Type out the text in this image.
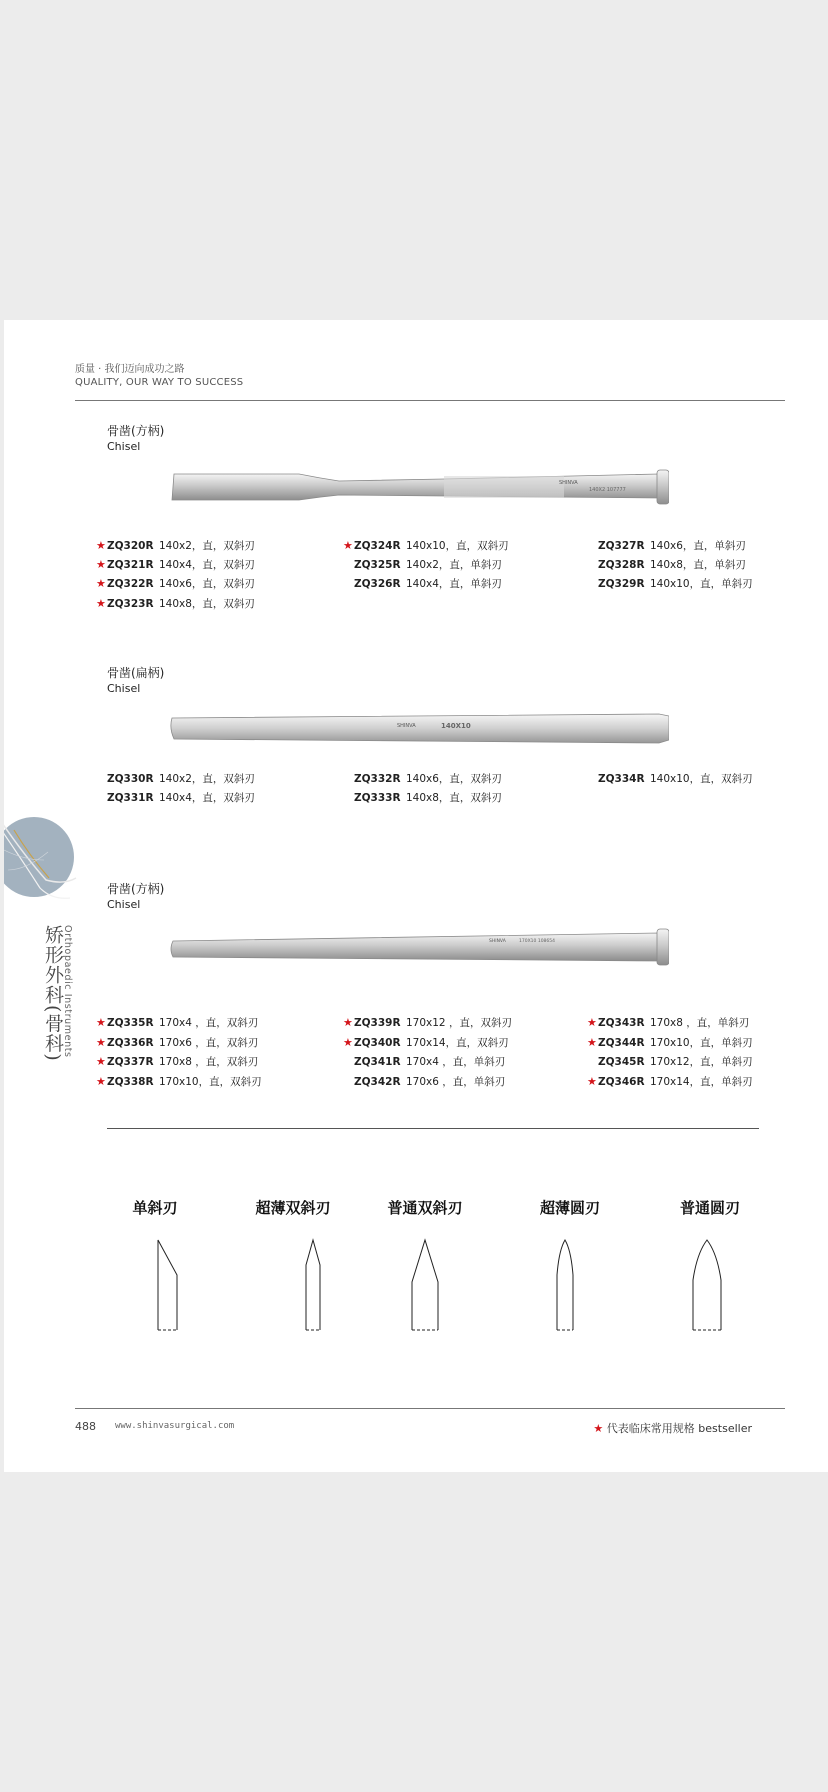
质量 · 我们迈向成功之路
QUALITY, OUR WAY TO SUCCESS
骨凿(方柄)
Chisel
SHINVA
140X2 107777
★ ZQ320R 140x2，直，双斜刃
★ ZQ321R 140x4，直，双斜刃
★ ZQ322R 140x6，直，双斜刃
★ ZQ323R 140x8，直，双斜刃
★ ZQ324R 140x10，直，双斜刃
ZQ325R 140x2，直，单斜刃
ZQ326R 140x4，直，单斜刃
ZQ327R 140x6，直，单斜刃
ZQ328R 140x8，直，单斜刃
ZQ329R 140x10，直，单斜刃
骨凿(扁柄)
Chisel
SHINVA	140X10
ZQ330R 140x2，直，双斜刃
ZQ331R 140x4，直，双斜刃
ZQ332R 140x6，直，双斜刃
ZQ333R 140x8，直，双斜刃
ZQ334R 140x10，直，双斜刃
骨凿(方柄)
Chisel
SHINVA	170X10 108654
★ ZQ335R 170x4 ，直，双斜刃
★ ZQ336R 170x6 ，直，双斜刃
★ ZQ337R 170x8 ，直，双斜刃
★ ZQ338R 170x10，直，双斜刃
★ ZQ339R 170x12 ，直，双斜刃
★ ZQ340R 170x14，直，双斜刃
ZQ341R 170x4 ，直，单斜刃
ZQ342R 170x6 ，直，单斜刃
★ ZQ343R 170x8 ，直，单斜刃
★ ZQ344R 170x10，直，单斜刃
ZQ345R 170x12，直，单斜刃
★ ZQ346R 170x14，直，单斜刃
矫形外科(骨科)
Orthopaedic Instruments
单斜刃	超薄双斜刃	普通双斜刃	超薄圆刃	普通圆刃
488 www.shinvasurgical.com	★ 代表临床常用规格 bestseller
